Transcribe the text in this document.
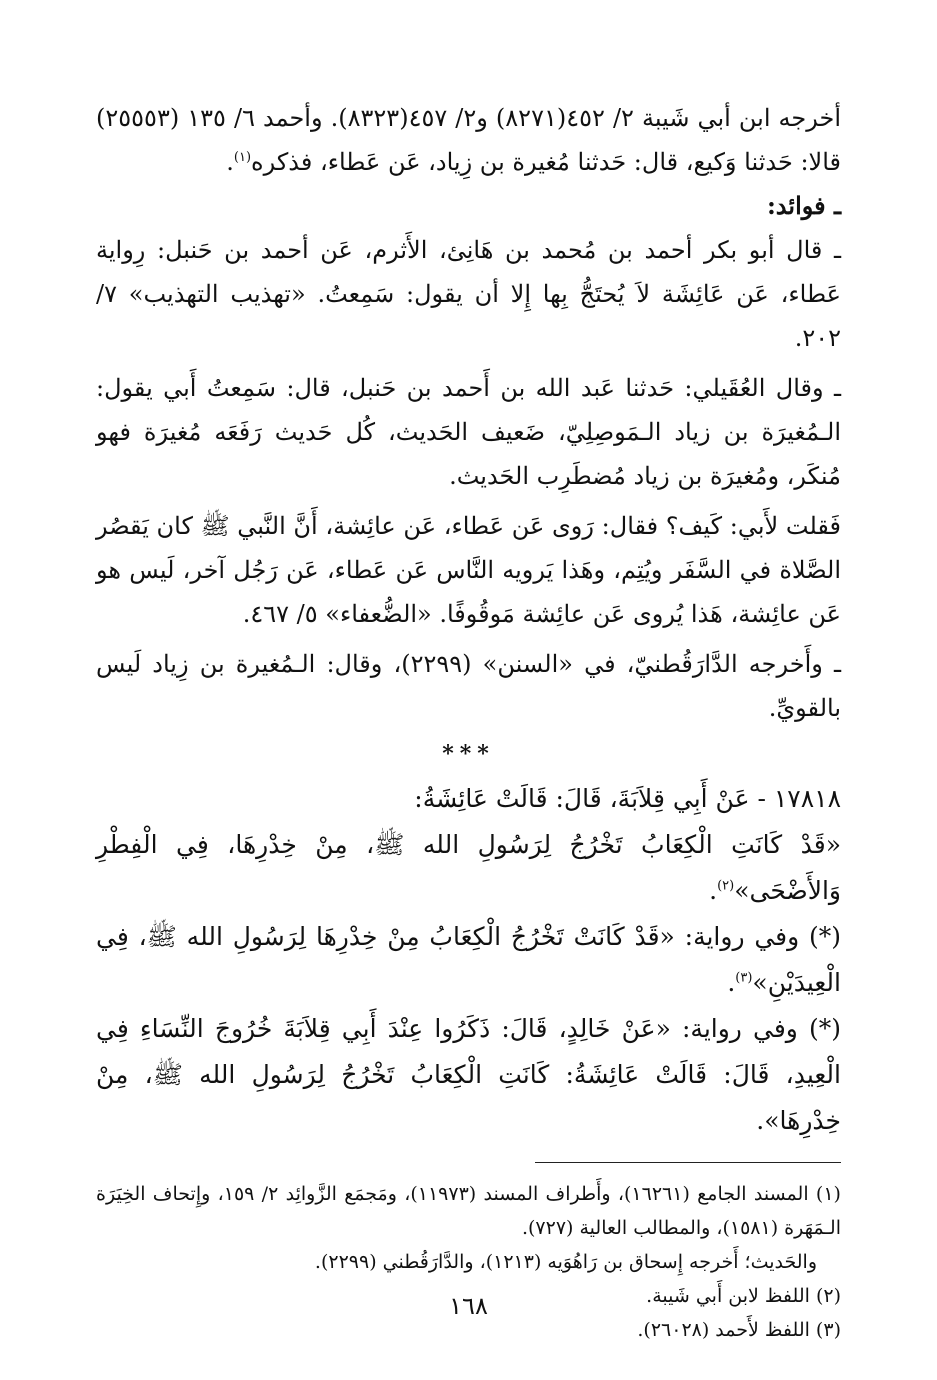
أخرجه ابن أبي شَيبة ٢/ ٤٥٢(٨٢٧١) و٢/ ٤٥٧(٨٣٢٣). وأحمد ٦/ ١٣٥ (٢٥٥٥٣) قالا: حَدثنا وَكيع، قال: حَدثنا مُغيرة بن زِياد، عَن عَطاء، فذكره$^{(١)}$.

ـ فوائد:

ـ قال أبو بكر أحمد بن مُحمد بن هَانِئ، الأَثرم، عَن أحمد بن حَنبل: رِواية عَطاء، عَن عَائِشَة لاَ يُحتَجُّ بِها إِلا أن يقول: سَمِعتُ. «تهذيب التهذيب» ٧/ ٢٠٢.

ـ وقال العُقَيلي: حَدثنا عَبد الله بن أَحمد بن حَنبل، قال: سَمِعتُ أَبي يقول: الـمُغيرَة بن زياد الـمَوصِلِيّ، ضَعيف الحَديث، كُل حَديث رَفَعَه مُغيرَة فهو مُنكَر، ومُغيرَة بن زياد مُضطَرِب الحَديث.

فَقلت لأَبي: كَيف؟ فقال: رَوى عَن عَطاء، عَن عائِشة، أَنَّ النَّبي ﷺ كان يَقصُر الصَّلاة في السَّفَر ويُتِم، وهَذا يَرويه النَّاس عَن عَطاء، عَن رَجُل آخر، لَيس هو عَن عائِشة، هَذا يُروى عَن عائِشة مَوقُوفًا. «الضُّعفاء» ٥/ ٤٦٧.

ـ وأَخرجه الدَّارَقُطنيّ، في «السنن» (٢٢٩٩)، وقال: الـمُغيرة بن زِياد لَيس بالقويِّ.

***

١٧٨١٨ - عَنْ أَبِي قِلاَبَةَ، قَالَ: قَالَتْ عَائِشَةُ:

«قَدْ كَانَتِ الْكِعَابُ تَخْرُجُ لِرَسُولِ الله ﷺ، مِنْ خِدْرِهَا، فِي الْفِطْرِ وَالأَضْحَى»$^{(٢)}$.

(*) وفي رواية: «قَدْ كَانَتْ تَخْرُجُ الْكِعَابُ مِنْ خِدْرِهَا لِرَسُولِ الله ﷺ، فِي الْعِيدَيْنِ»$^{(٣)}$.

(*) وفي رواية: «عَنْ خَالِدٍ، قَالَ: ذَكَرُوا عِنْدَ أَبِي قِلاَبَةَ خُرُوجَ النِّسَاءِ فِي الْعِيدِ، قَالَ: قَالَتْ عَائِشَةُ: كَانَتِ الْكِعَابُ تَخْرُجُ لِرَسُولِ الله ﷺ، مِنْ خِدْرِهَا».

(١) المسند الجامع (١٦٢٦١)، وأَطراف المسند (١١٩٧٣)، ومَجمَع الزَّوائِد ٢/ ١٥٩، وإِتحاف الخِيَرَة الـمَهَرة (١٥٨١)، والمطالب العالية (٧٢٧).

والحَديث؛ أَخرجه إِسحاق بن رَاهُوَيه (١٢١٣)، والدَّارَقُطني (٢٢٩٩).

(٢) اللفظ لابن أَبي شَيبة.

(٣) اللفظ لأَحمد (٢٦٠٢٨).

١٦٨
